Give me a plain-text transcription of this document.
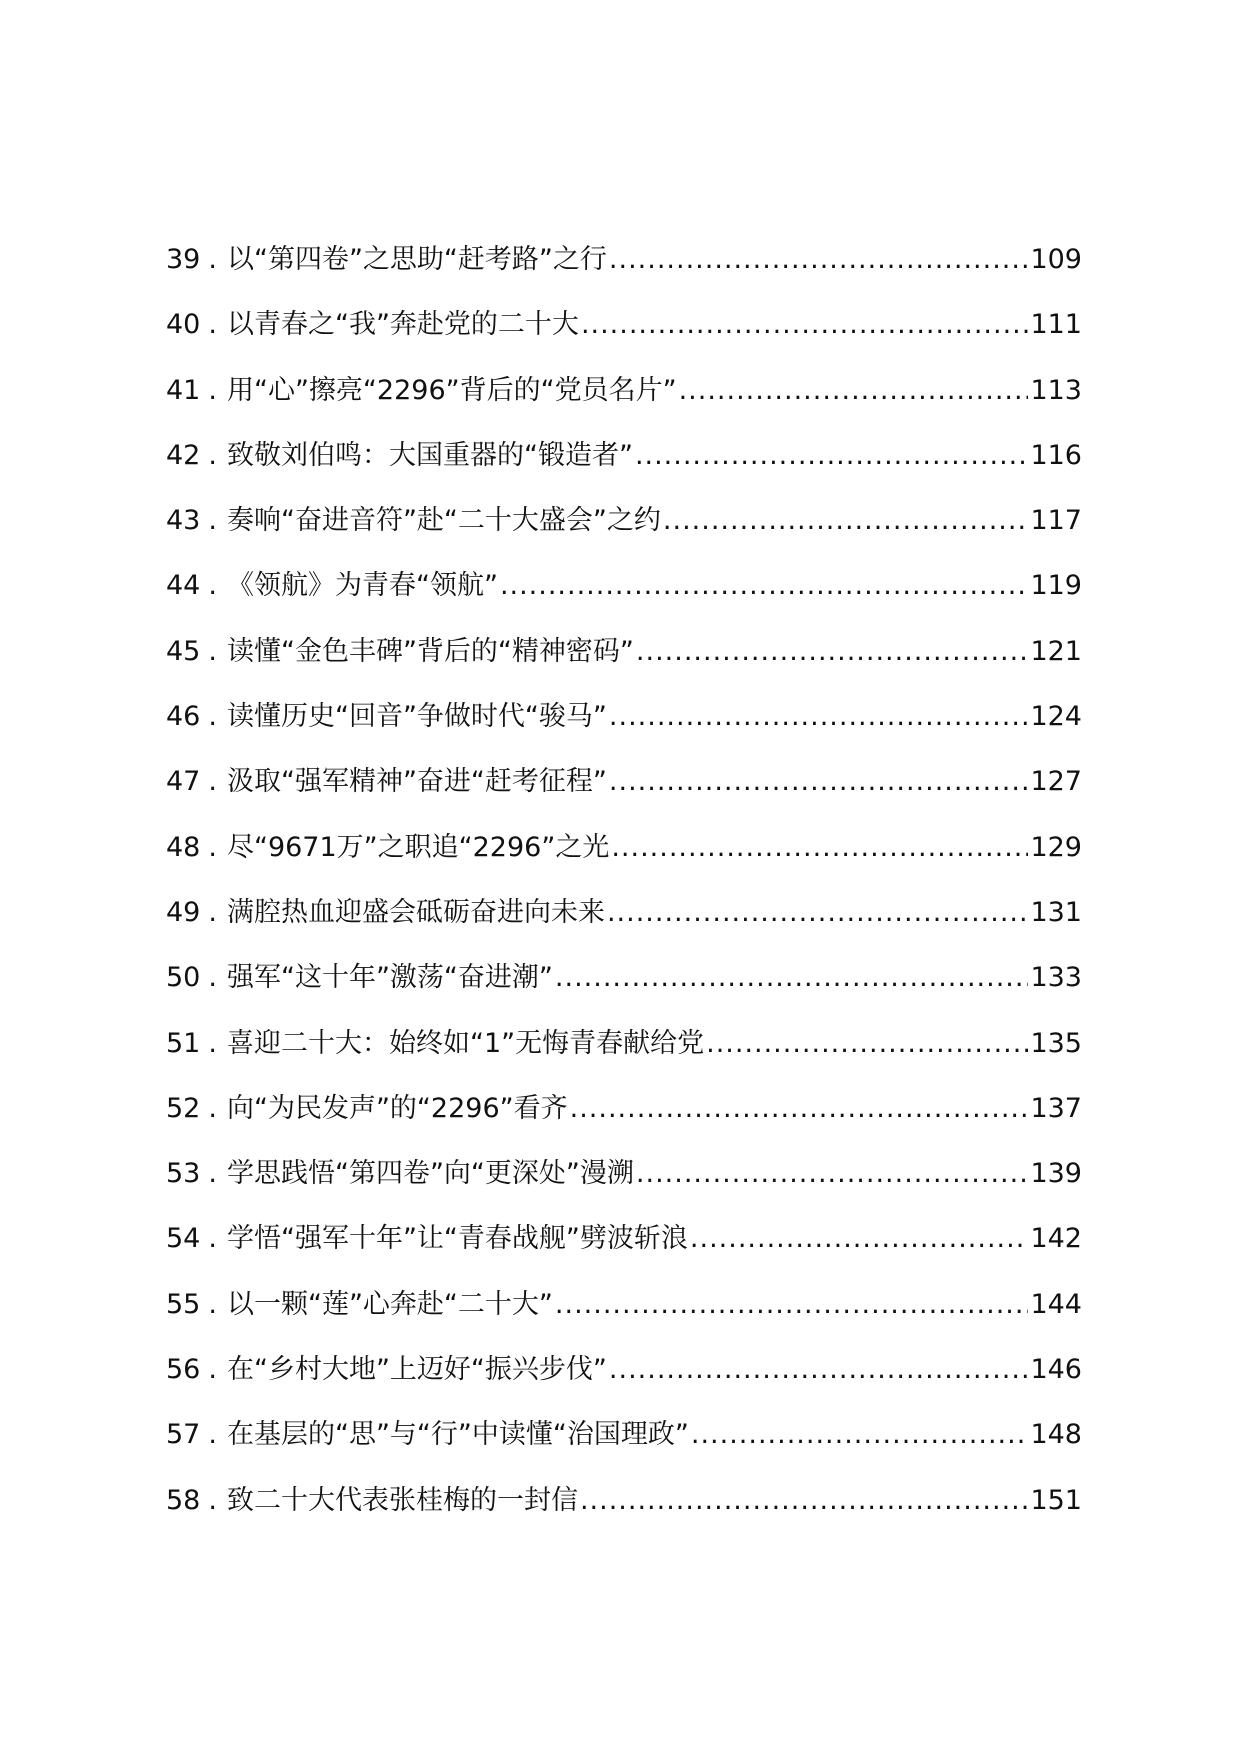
39 . 以“第四卷”之思助“赶考路”之行 .....	109
40 . 以青春之“我”奔赴党的二十大 .....	111
41 . 用“心”擦亮“2296”背后的“党员名片” .....	113
42 . 致敬刘伯鸣：大国重器的“锻造者” .....	116
43 . 奏响“奋进音符”赴“二十大盛会”之约 .....	117
44 . 《领航》为青春“领航” .....	119
45 . 读懂“金色丰碑”背后的“精神密码” .....	121
46 . 读懂历史“回音”争做时代“骏马” .....	124
47 . 汲取“强军精神”奋进“赶考征程” .....	127
48 . 尽“9671万”之职追“2296”之光 .....	129
49 . 满腔热血迎盛会砥砺奋进向未来 .....	131
50 . 强军“这十年”激荡“奋进潮” .....	133
51 . 喜迎二十大：始终如“1”无悔青春献给党 .....	135
52 . 向“为民发声”的“2296”看齐 .....	137
53 . 学思践悟“第四卷”向“更深处”漫溯 .....	139
54 . 学悟“强军十年”让“青春战舰”劈波斩浪 .....	142
55 . 以一颗“莲”心奔赴“二十大” .....	144
56 . 在“乡村大地”上迈好“振兴步伐” .....	146
57 . 在基层的“思”与“行”中读懂“治国理政” .....	148
58 . 致二十大代表张桂梅的一封信 .....	151
